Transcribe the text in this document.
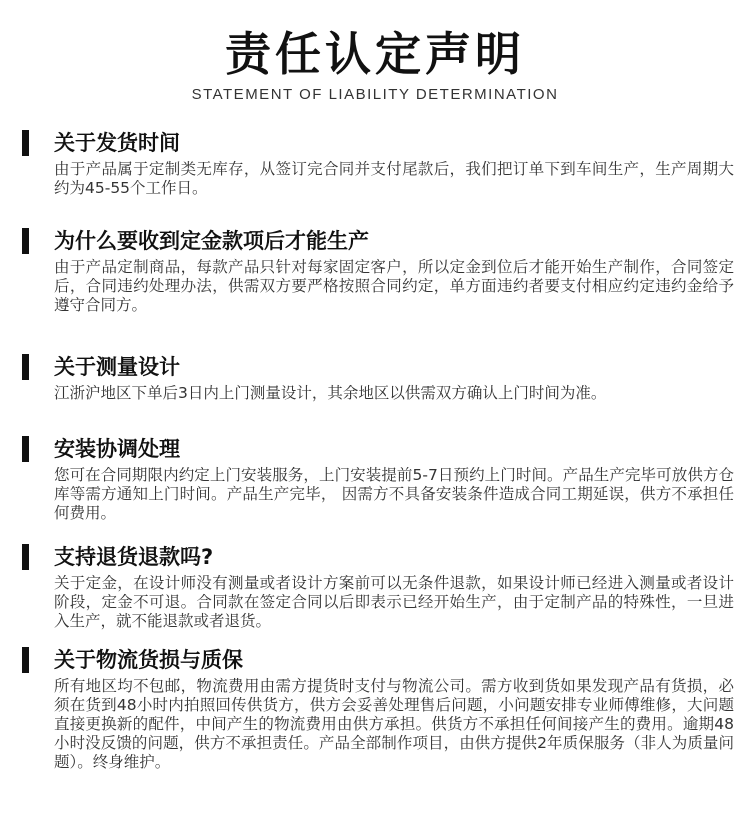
责任认定声明
STATEMENT OF LIABILITY DETERMINATION
关于发货时间
由于产品属于定制类无库存，从签订完合同并支付尾款后，我们把订单下到车间生产，生产周期大约为45-55个工作日。
为什么要收到定金款项后才能生产
由于产品定制商品，每款产品只针对每家固定客户，所以定金到位后才能开始生产制作，合同签定后，合同违约处理办法，供需双方要严格按照合同约定，单方面违约者要支付相应约定违约金给予遵守合同方。
关于测量设计
江浙沪地区下单后3日内上门测量设计，其余地区以供需双方确认上门时间为准。
安装协调处理
您可在合同期限内约定上门安装服务，上门安装提前5-7日预约上门时间。产品生产完毕可放供方仓库等需方通知上门时间。产品生产完毕， 因需方不具备安装条件造成合同工期延误，供方不承担任何费用。
支持退货退款吗?
关于定金，在设计师没有测量或者设计方案前可以无条件退款，如果设计师已经进入测量或者设计阶段，定金不可退。合同款在签定合同以后即表示已经开始生产，由于定制产品的特殊性，一旦进入生产，就不能退款或者退货。
关于物流货损与质保
所有地区均不包邮，物流费用由需方提货时支付与物流公司。需方收到货如果发现产品有货损，必须在货到48小时内拍照回传供货方，供方会妥善处理售后问题，小问题安排专业师傅维修，大问题直接更换新的配件，中间产生的物流费用由供方承担。供货方不承担任何间接产生的费用。逾期48小时没反馈的问题，供方不承担责任。产品全部制作项目，由供方提供2年质保服务（非人为质量问题）。终身维护。
